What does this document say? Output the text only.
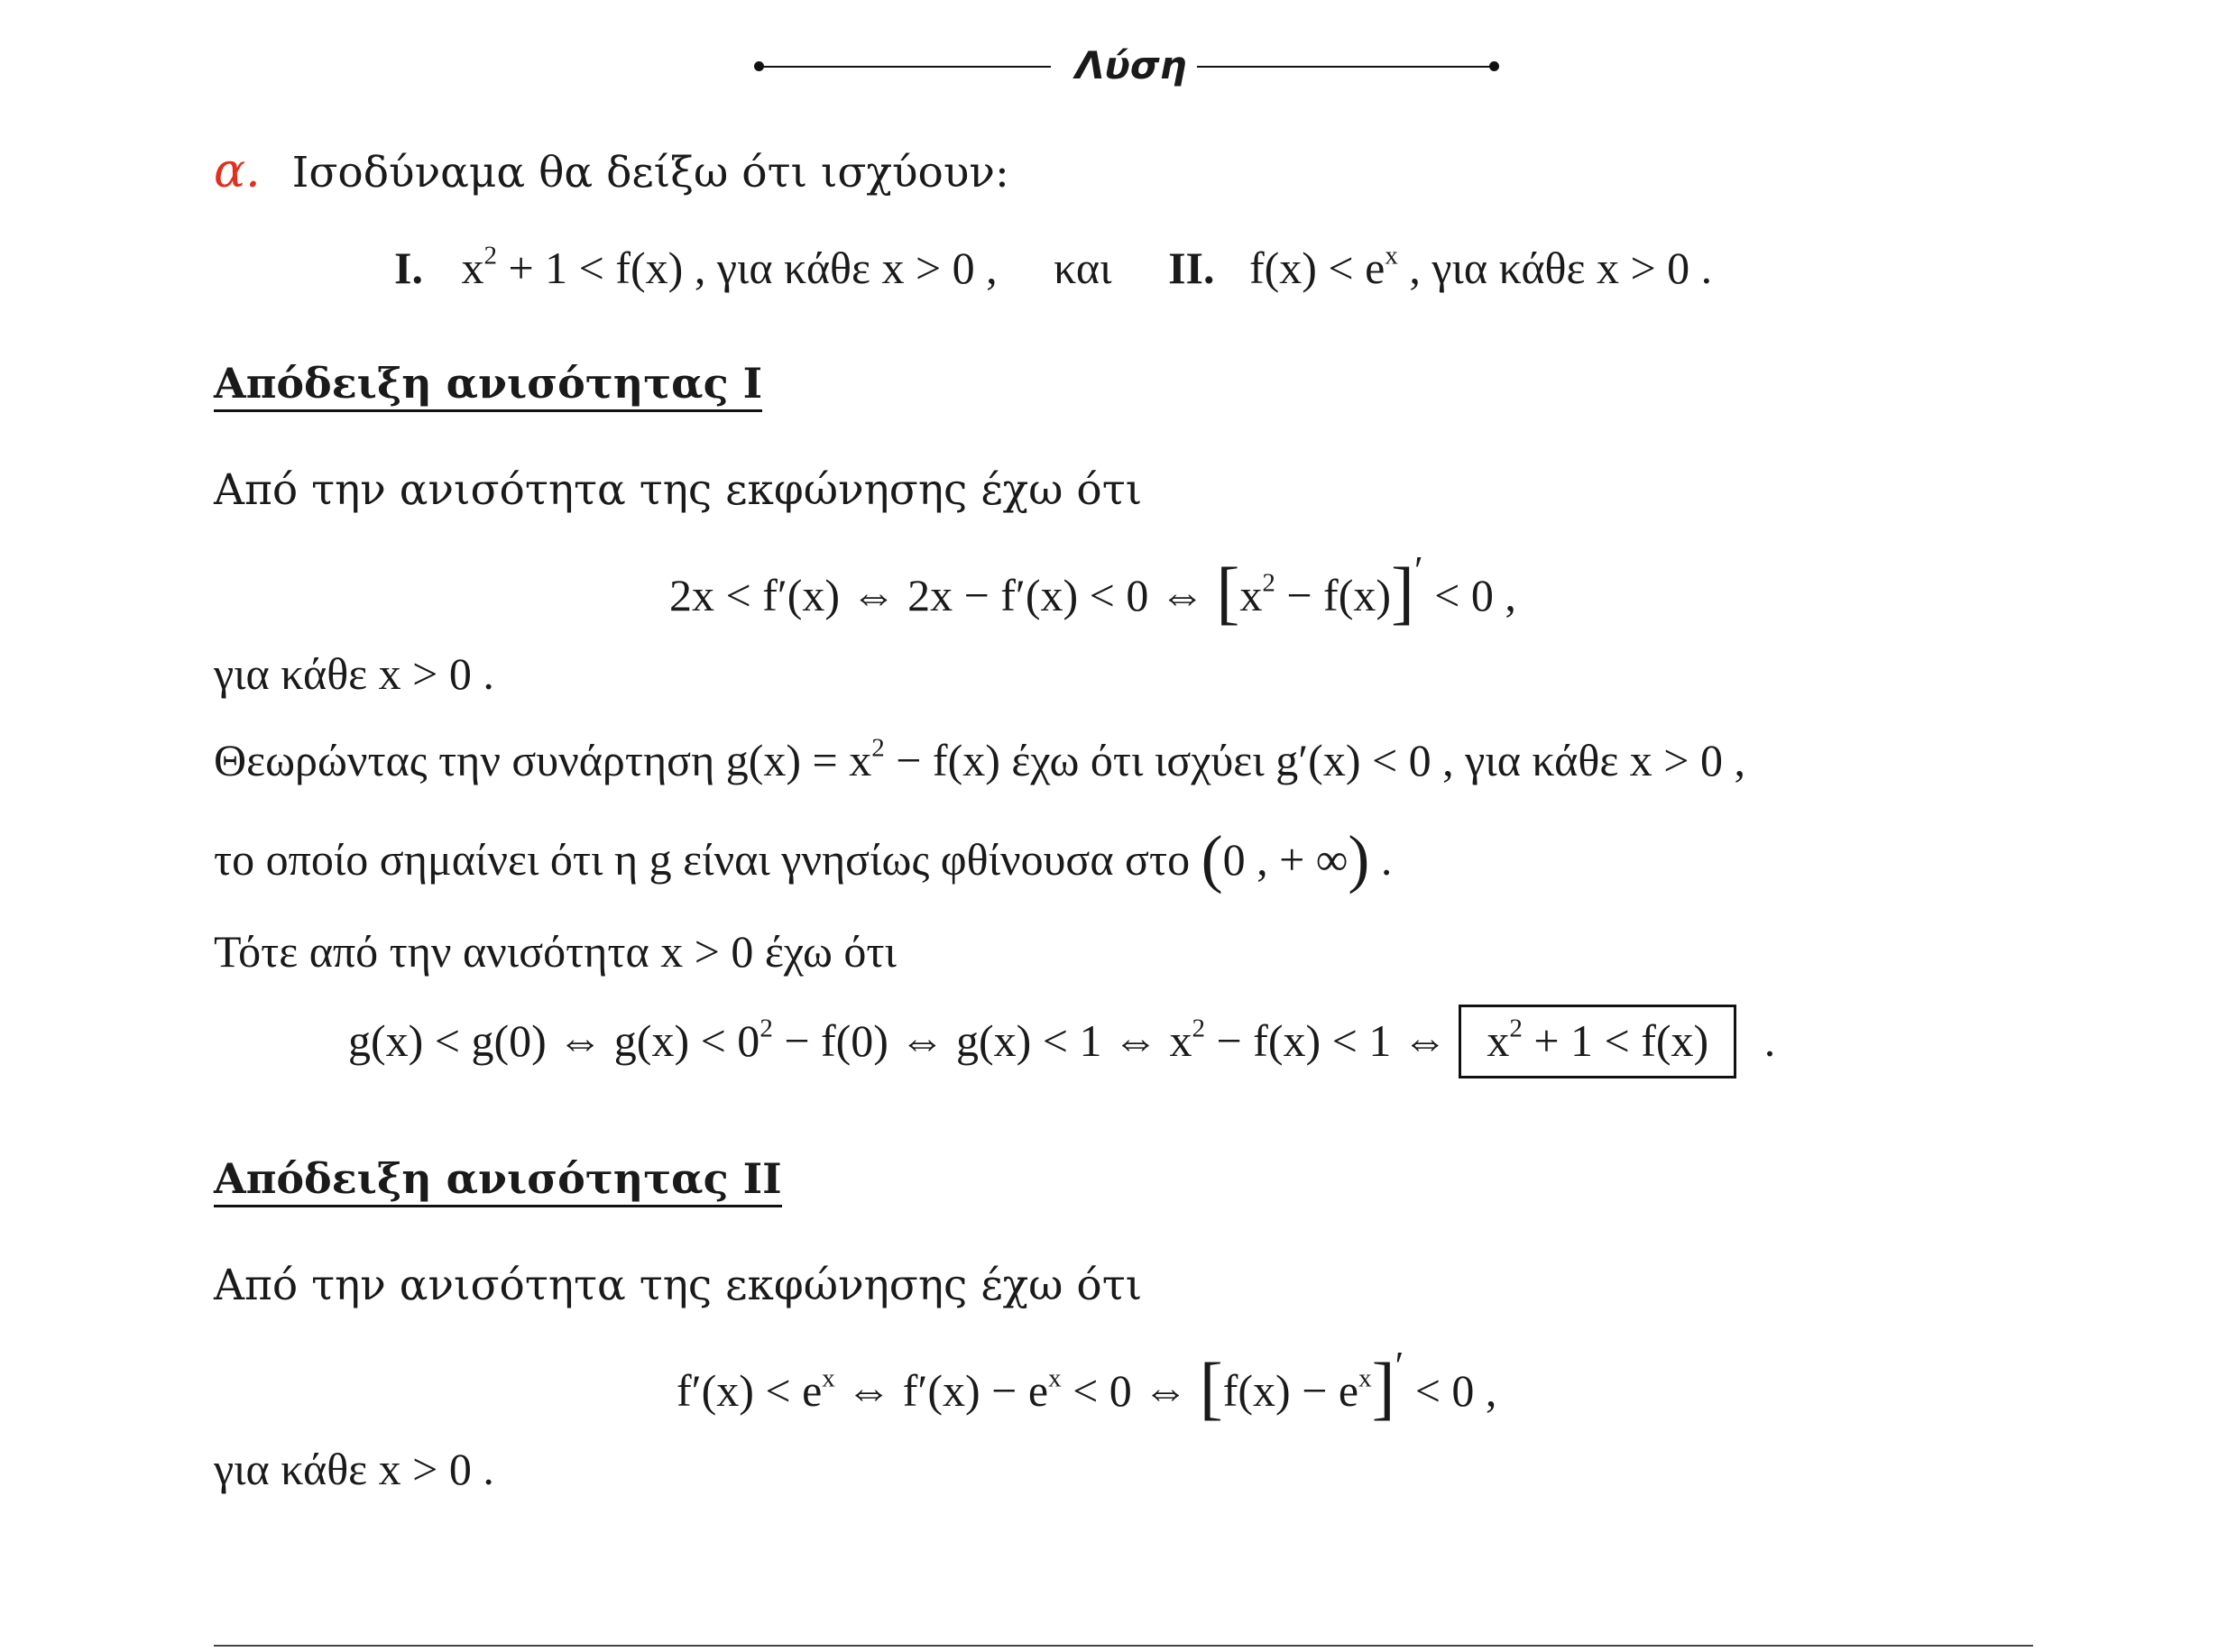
Λύση
α. Ισοδύναμα θα δείξω ότι ισχύουν:
I. $x^2 + 1 < f(x)$ , για κάθε x > 0 , και II. $f(x) < e^x$ , για κάθε x > 0 .
Απόδειξη ανισότητας I
Από την ανισότητα της εκφώνησης έχω ότι
2x < f′(x) ⇔ 2x − f′(x) < 0 ⇔ $[x^2 - f(x)]' < 0$ ,
για κάθε x > 0 .
Θεωρώντας την συνάρτηση $g(x) = x^2 - f(x)$ έχω ότι ισχύει g′(x) < 0 , για κάθε x > 0 ,
το οποίο σημαίνει ότι η g είναι γνησίως φθίνουσα στο (0 , + ∞) .
Τότε από την ανισότητα x > 0 έχω ότι
g(x) < g(0) ⇔ $g(x) < 0^2 - f(0)$ ⇔ g(x) < 1 ⇔ $x^2 - f(x) < 1$ ⇔ $x^2 + 1 < f(x)$ .
Απόδειξη ανισότητας II
Από την ανισότητα της εκφώνησης έχω ότι
$f'(x) < e^x$ ⇔ $f'(x) - e^x < 0$ ⇔ $[f(x) - e^x]' < 0$ ,
για κάθε x > 0 .
